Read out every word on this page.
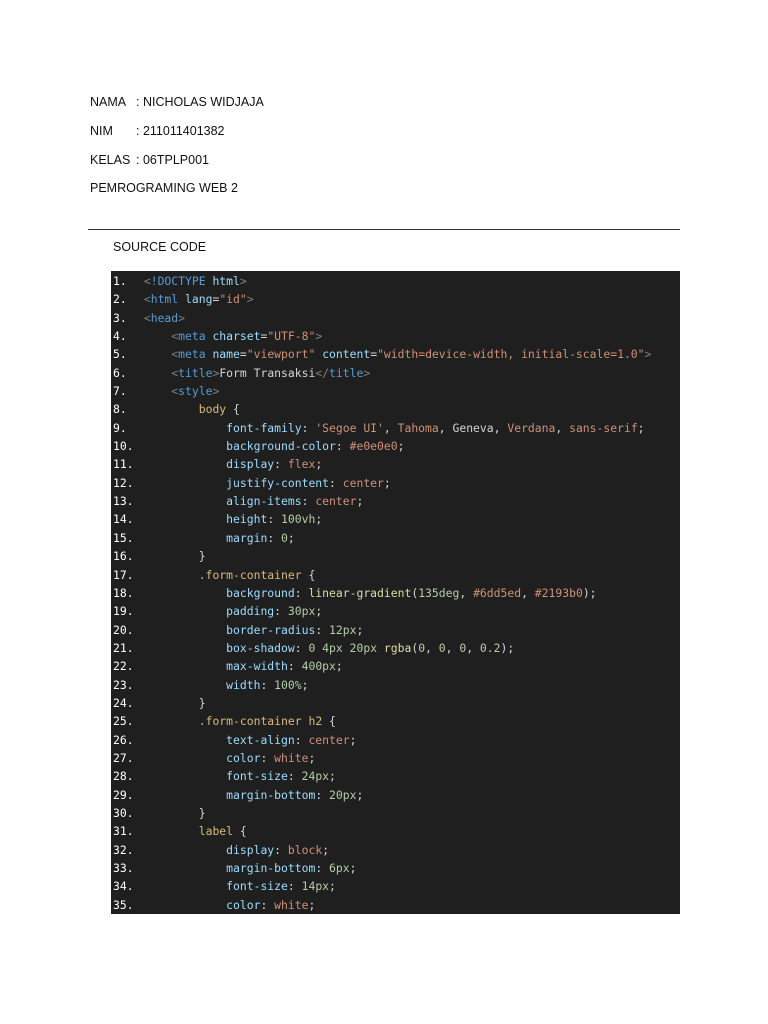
NAMA : NICHOLAS WIDJAJA
NIM : 211011401382
KELAS : 06TPLP001
PEMROGRAMING WEB 2
SOURCE CODE
1. <!DOCTYPE html>
2. <html lang="id">
3. <head>
4.	<meta charset="UTF-8">
5.	<meta name="viewport" content="width=device-width, initial-scale=1.0">
6.	<title>Form Transaksi</title>
7.	<style>
8.	body {
9.	font-family: 'Segoe UI', Tahoma, Geneva, Verdana, sans-serif;
10.	background-color: #e0e0e0;
11.	display: flex;
12.	justify-content: center;
13.	align-items: center;
14.	height: 100vh;
15.	margin: 0;
16.	}
17.	.form-container {
18.	background: linear-gradient(135deg, #6dd5ed, #2193b0);
19.	padding: 30px;
20.	border-radius: 12px;
21.	box-shadow: 0 4px 20px rgba(0, 0, 0, 0.2);
22.	max-width: 400px;
23.	width: 100%;
24.	}
25.	.form-container h2 {
26.	text-align: center;
27.	color: white;
28.	font-size: 24px;
29.	margin-bottom: 20px;
30.	}
31.	label {
32.	display: block;
33.	margin-bottom: 6px;
34.	font-size: 14px;
35.	color: white;
